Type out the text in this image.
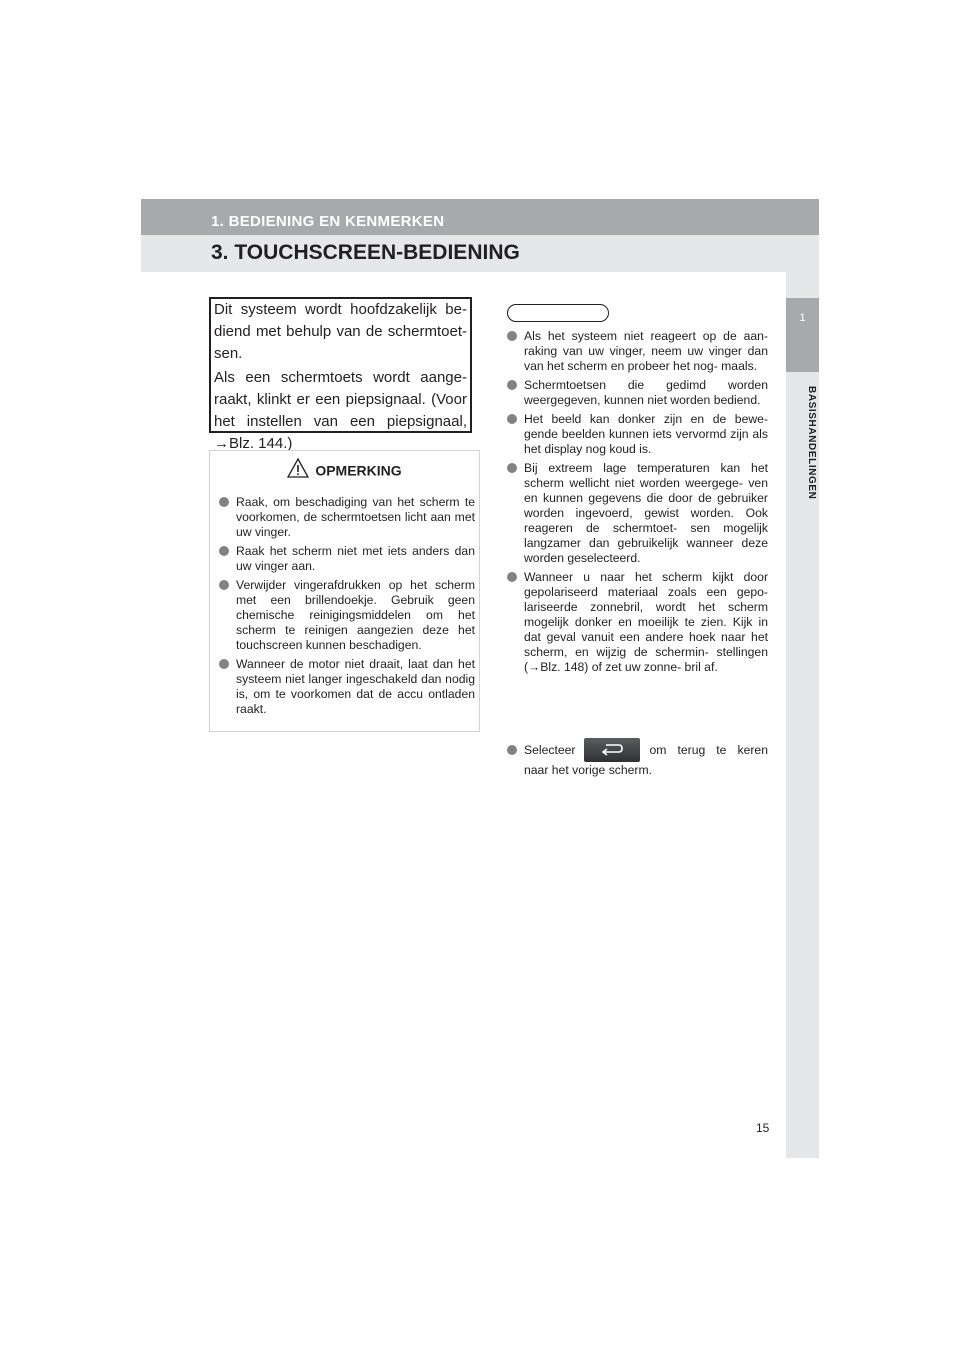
1. BEDIENING EN KENMERKEN
3. TOUCHSCREEN-BEDIENING
1
BASISHANDELINGEN

Dit systeem wordt hoofdzakelijk be- diend met behulp van de schermtoet- sen.

Als een schermtoets wordt aange- raakt, klinkt er een piepsignaal. (Voor het instellen van een piepsignaal, →Blz. 144.)

OPMERKING
Raak, om beschadiging van het scherm te voorkomen, de schermtoetsen licht aan met uw vinger.
Raak het scherm niet met iets anders dan uw vinger aan.
Verwijder vingerafdrukken op het scherm met een brillendoekje. Gebruik geen chemische reinigingsmiddelen om het scherm te reinigen aangezien deze het touchscreen kunnen beschadigen.
Wanneer de motor niet draait, laat dan het systeem niet langer ingeschakeld dan nodig is, om te voorkomen dat de accu ontladen raakt.
INFORMATIE
Als het systeem niet reageert op de aan- raking van uw vinger, neem uw vinger dan van het scherm en probeer het nog- maals.
Schermtoetsen die gedimd worden weergegeven, kunnen niet worden bediend.
Het beeld kan donker zijn en de bewe- gende beelden kunnen iets vervormd zijn als het display nog koud is.
Bij extreem lage temperaturen kan het scherm wellicht niet worden weergege- ven en kunnen gegevens die door de gebruiker worden ingevoerd, gewist worden. Ook reageren de schermtoet- sen mogelijk langzamer dan gebruikelijk wanneer deze worden geselecteerd.
Wanneer u naar het scherm kijkt door gepolariseerd materiaal zoals een gepo- lariseerde zonnebril, wordt het scherm mogelijk donker en moeilijk te zien. Kijk in dat geval vanuit een andere hoek naar het scherm, en wijzig de schermin- stellingen (→Blz. 148) of zet uw zonne- bril af.
Selecteer	om terug te keren
naar het vorige scherm.
15
